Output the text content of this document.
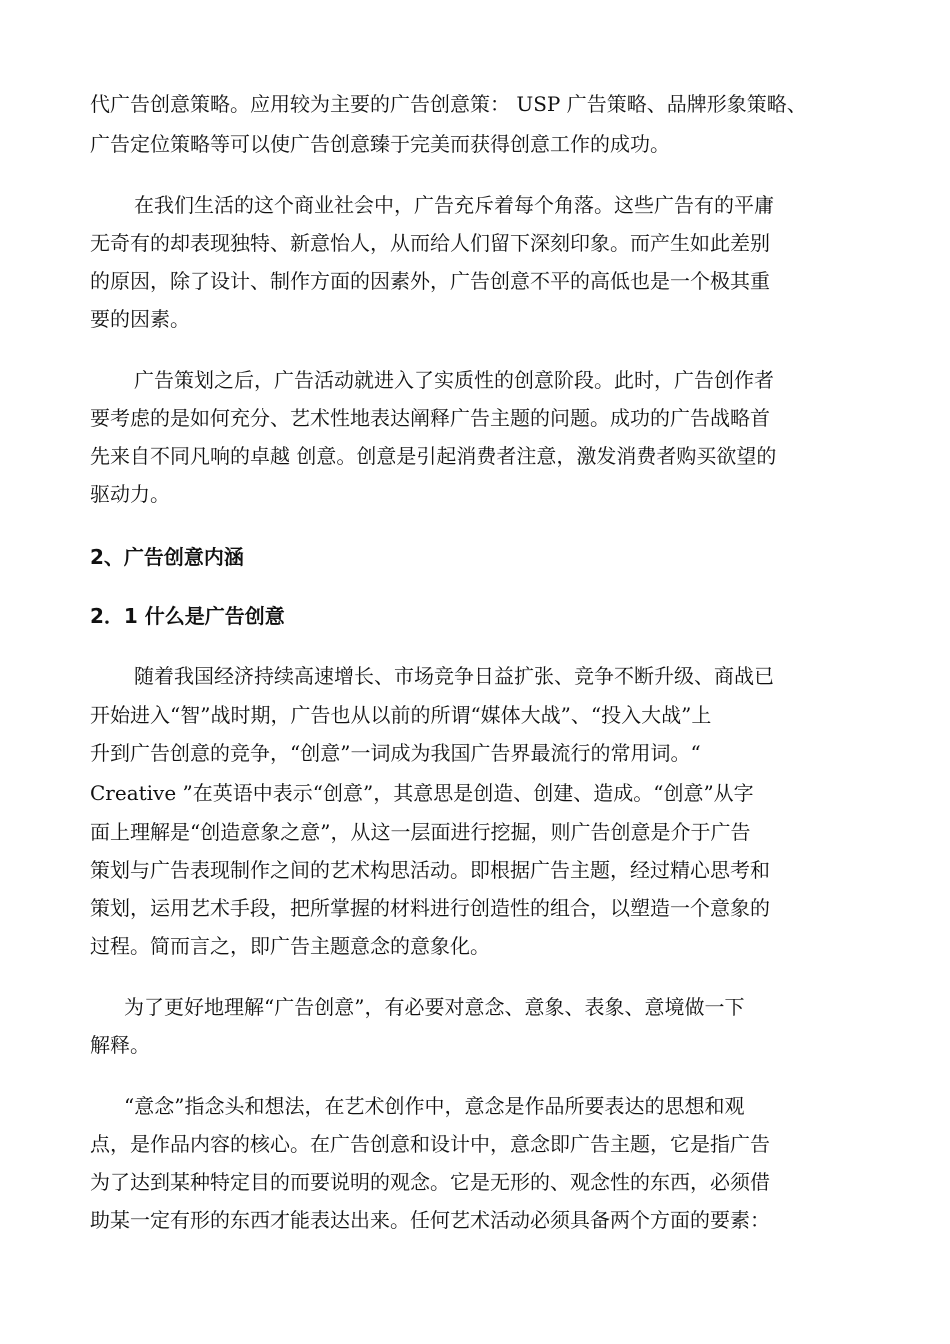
代广告创意策略。应用较为主要的广告创意策： USP 广告策略、品牌形象策略、
广告定位策略等可以使广告创意臻于完美而获得创意工作的成功。
在我们生活的这个商业社会中，广告充斥着每个角落。这些广告有的平庸
无奇有的却表现独特、新意怡人，从而给人们留下深刻印象。而产生如此差别
的原因，除了设计、制作方面的因素外，广告创意不平的高低也是一个极其重
要的因素。
广告策划之后，广告活动就进入了实质性的创意阶段。此时，广告创作者
要考虑的是如何充分、艺术性地表达阐释广告主题的问题。成功的广告战略首
先来自不同凡响的卓越 创意。创意是引起消费者注意，激发消费者购买欲望的
驱动力。
2、广告创意内涵
2．1 什么是广告创意
随着我国经济持续高速增长、市场竞争日益扩张、竞争不断升级、商战已
开始进入“智”战时期，广告也从以前的所谓“媒体大战”、“投入大战”上
升到广告创意的竞争，“创意”一词成为我国广告界最流行的常用词。“
Creative ”在英语中表示“创意”，其意思是创造、创建、造成。“创意”从字
面上理解是“创造意象之意”，从这一层面进行挖掘，则广告创意是介于广告
策划与广告表现制作之间的艺术构思活动。即根据广告主题，经过精心思考和
策划，运用艺术手段，把所掌握的材料进行创造性的组合，以塑造一个意象的
过程。简而言之，即广告主题意念的意象化。
为了更好地理解“广告创意”，有必要对意念、意象、表象、意境做一下
解释。
“意念”指念头和想法，在艺术创作中，意念是作品所要表达的思想和观
点，是作品内容的核心。在广告创意和设计中，意念即广告主题，它是指广告
为了达到某种特定目的而要说明的观念。它是无形的、观念性的东西，必须借
助某一定有形的东西才能表达出来。任何艺术活动必须具备两个方面的要素：
